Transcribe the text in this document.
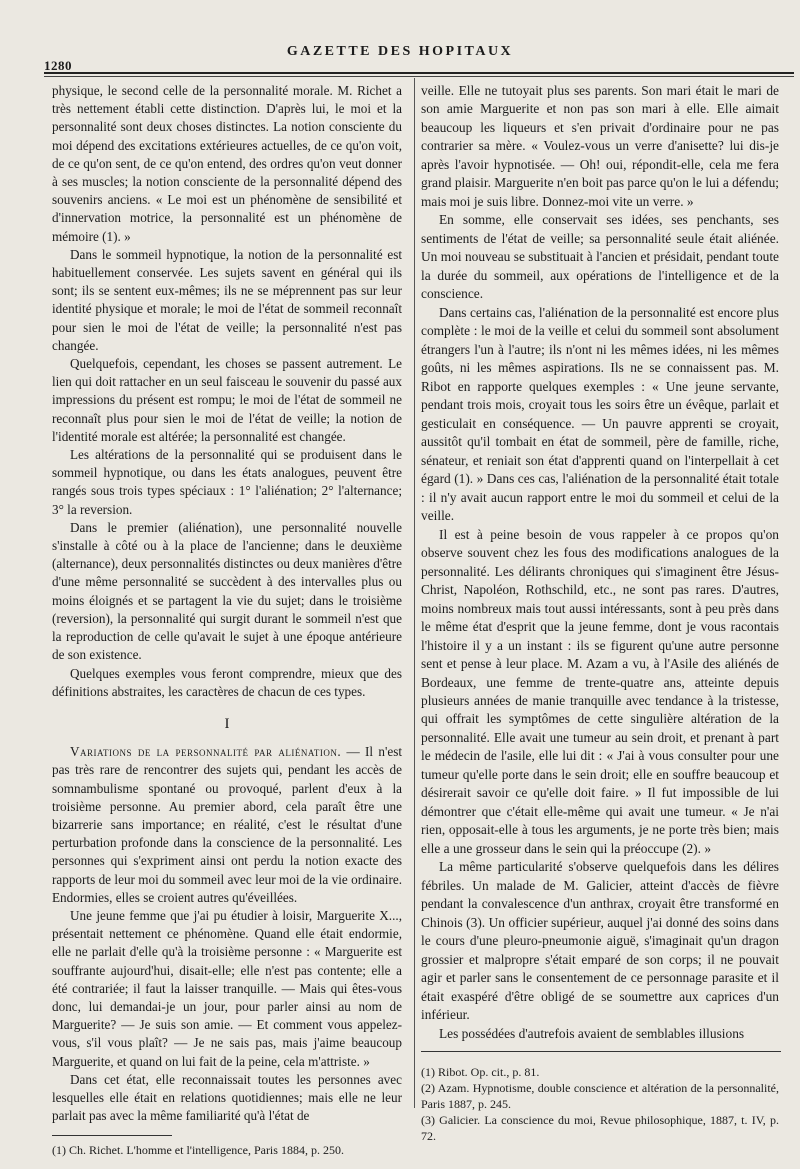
1280
GAZETTE DES HOPITAUX

physique, le second celle de la personnalité morale. M. Richet a très nettement établi cette distinction. D'après lui, le moi et la personnalité sont deux choses distinctes. La notion consciente du moi dépend des excitations extérieures actuelles, de ce qu'on voit, de ce qu'on sent, de ce qu'on entend, des ordres qu'on veut donner à ses muscles; la notion consciente de la personnalité dépend des souvenirs anciens. « Le moi est un phénomène de sensibilité et d'innervation motrice, la personnalité est un phénomène de mémoire (1). »

Dans le sommeil hypnotique, la notion de la personnalité est habituellement conservée. Les sujets savent en général qui ils sont; ils se sentent eux-mêmes; ils ne se méprennent pas sur leur identité physique et morale; le moi de l'état de sommeil reconnaît pour sien le moi de l'état de veille; la personnalité n'est pas changée.

Quelquefois, cependant, les choses se passent autrement. Le lien qui doit rattacher en un seul faisceau le souvenir du passé aux impressions du présent est rompu; le moi de l'état de sommeil ne reconnaît plus pour sien le moi de l'état de veille; la notion de l'identité morale est altérée; la personnalité est changée.

Les altérations de la personnalité qui se produisent dans le sommeil hypnotique, ou dans les états analogues, peuvent être rangés sous trois types spéciaux : 1° l'aliénation; 2° l'alternance; 3° la reversion.

Dans le premier (aliénation), une personnalité nouvelle s'installe à côté ou à la place de l'ancienne; dans le deuxième (alternance), deux personnalités distinctes ou deux manières d'être d'une même personnalité se succèdent à des intervalles plus ou moins éloignés et se partagent la vie du sujet; dans le troisième (reversion), la personnalité qui surgit durant le sommeil n'est que la reproduction de celle qu'avait le sujet à une époque antérieure de son existence.

Quelques exemples vous feront comprendre, mieux que des définitions abstraites, les caractères de chacun de ces types.

I

Variations de la personnalité par aliénation. — Il n'est pas très rare de rencontrer des sujets qui, pendant les accès de somnambulisme spontané ou provoqué, parlent d'eux à la troisième personne. Au premier abord, cela paraît être une bizarrerie sans importance; en réalité, c'est le résultat d'une perturbation profonde dans la conscience de la personnalité. Les personnes qui s'expriment ainsi ont perdu la notion exacte des rapports de leur moi du sommeil avec leur moi de la vie ordinaire. Endormies, elles se croient autres qu'éveillées.

Une jeune femme que j'ai pu étudier à loisir, Marguerite X..., présentait nettement ce phénomène. Quand elle était endormie, elle ne parlait d'elle qu'à la troisième personne : « Marguerite est souffrante aujourd'hui, disait-elle; elle n'est pas contente; elle a été contrariée; il faut la laisser tranquille. — Mais qui êtes-vous donc, lui demandai-je un jour, pour parler ainsi au nom de Marguerite? — Je suis son amie. — Et comment vous appelez-vous, s'il vous plaît? — Je ne sais pas, mais j'aime beaucoup Marguerite, et quand on lui fait de la peine, cela m'attriste. »

Dans cet état, elle reconnaissait toutes les personnes avec lesquelles elle était en relations quotidiennes; mais elle ne leur parlait pas avec la même familiarité qu'à l'état de

(1) Ch. Richet. L'homme et l'intelligence, Paris 1884, p. 250.

veille. Elle ne tutoyait plus ses parents. Son mari était le mari de son amie Marguerite et non pas son mari à elle. Elle aimait beaucoup les liqueurs et s'en privait d'ordinaire pour ne pas contrarier sa mère. « Voulez-vous un verre d'anisette? lui dis-je après l'avoir hypnotisée. — Oh! oui, répondit-elle, cela me fera grand plaisir. Marguerite n'en boit pas parce qu'on le lui a défendu; mais moi je suis libre. Donnez-moi vite un verre. »

En somme, elle conservait ses idées, ses penchants, ses sentiments de l'état de veille; sa personnalité seule était aliénée. Un moi nouveau se substituait à l'ancien et présidait, pendant toute la durée du sommeil, aux opérations de l'intelligence et de la conscience.

Dans certains cas, l'aliénation de la personnalité est encore plus complète : le moi de la veille et celui du sommeil sont absolument étrangers l'un à l'autre; ils n'ont ni les mêmes idées, ni les mêmes goûts, ni les mêmes aspirations. Ils ne se connaissent pas. M. Ribot en rapporte quelques exemples : « Une jeune servante, pendant trois mois, croyait tous les soirs être un évêque, parlait et gesticulait en conséquence. — Un pauvre apprenti se croyait, aussitôt qu'il tombait en état de sommeil, père de famille, riche, sénateur, et reniait son état d'apprenti quand on l'interpellait à cet égard (1). » Dans ces cas, l'aliénation de la personnalité était totale : il n'y avait aucun rapport entre le moi du sommeil et celui de la veille.

Il est à peine besoin de vous rappeler à ce propos qu'on observe souvent chez les fous des modifications analogues de la personnalité. Les délirants chroniques qui s'imaginent être Jésus-Christ, Napoléon, Rothschild, etc., ne sont pas rares. D'autres, moins nombreux mais tout aussi intéressants, sont à peu près dans le même état d'esprit que la jeune femme, dont je vous racontais l'histoire il y a un instant : ils se figurent qu'une autre personne sent et pense à leur place. M. Azam a vu, à l'Asile des aliénés de Bordeaux, une femme de trente-quatre ans, atteinte depuis plusieurs années de manie tranquille avec tendance à la tristesse, qui offrait les symptômes de cette singulière altération de la personnalité. Elle avait une tumeur au sein droit, et prenant à part le médecin de l'asile, elle lui dit : « J'ai à vous consulter pour une tumeur qu'elle porte dans le sein droit; elle en souffre beaucoup et désirerait savoir ce qu'elle doit faire. » Il fut impossible de lui démontrer que c'était elle-même qui avait une tumeur. « Je n'ai rien, opposait-elle à tous les arguments, je ne porte très bien; mais elle a une grosseur dans le sein qui la préoccupe (2). »

La même particularité s'observe quelquefois dans les délires fébriles. Un malade de M. Galicier, atteint d'accès de fièvre pendant la convalescence d'un anthrax, croyait être transformé en Chinois (3). Un officier supérieur, auquel j'ai donné des soins dans le cours d'une pleuro-pneumonie aiguë, s'imaginait qu'un dragon grossier et malpropre s'était emparé de son corps; il ne pouvait agir et parler sans le consentement de ce personnage parasite et il était exaspéré d'être obligé de se soumettre aux caprices d'un inférieur.

Les possédées d'autrefois avaient de semblables illusions

(1) Ribot. Op. cit., p. 81.

(2) Azam. Hypnotisme, double conscience et altération de la personnalité, Paris 1887, p. 245.

(3) Galicier. La conscience du moi, Revue philosophique, 1887, t. IV, p. 72.
